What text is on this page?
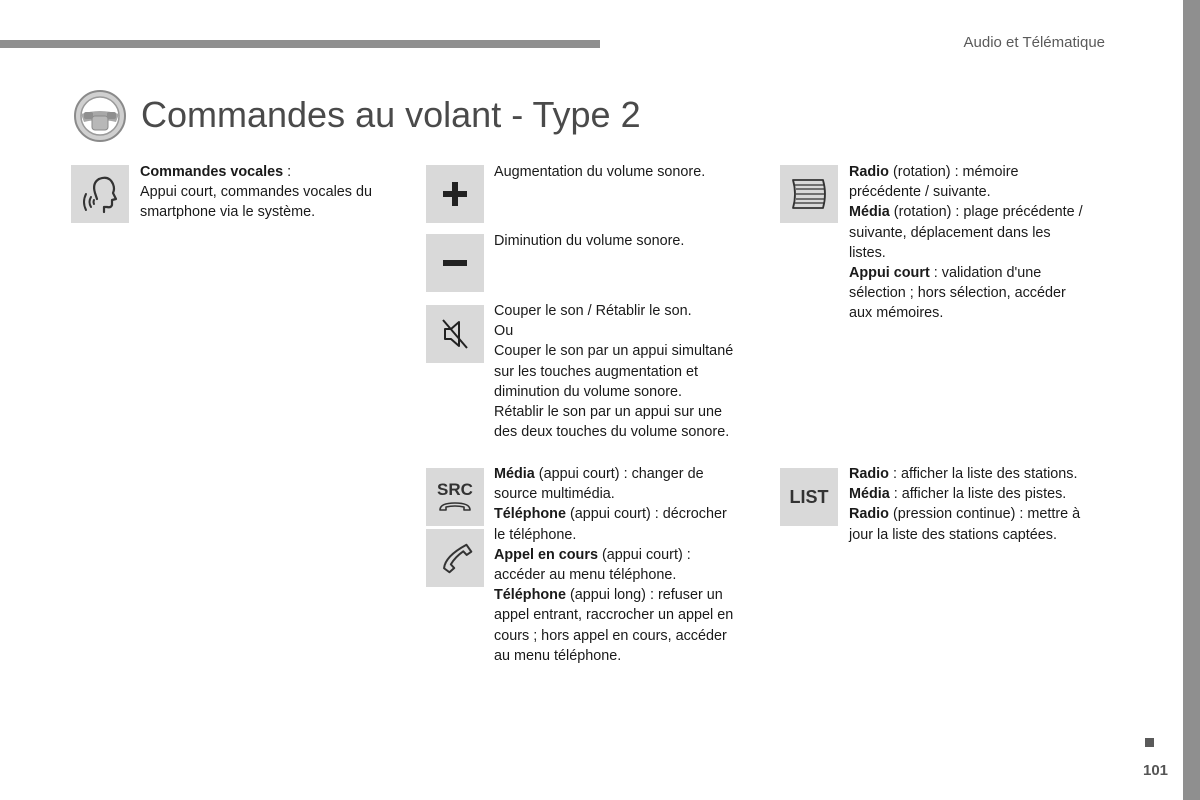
Audio et Télématique
Commandes au volant - Type 2
Commandes vocales :
Appui court, commandes vocales du
smartphone via le système.
Augmentation du volume sonore.
Diminution du volume sonore.
Couper le son / Rétablir le son.
Ou
Couper le son par un appui simultané
sur les touches augmentation et
diminution du volume sonore.
Rétablir le son par un appui sur une
des deux touches du volume sonore.
SRC
Média (appui court) : changer de
source multimédia.
Téléphone (appui court) : décrocher
le téléphone.
Appel en cours (appui court) :
accéder au menu téléphone.
Téléphone (appui long) : refuser un
appel entrant, raccrocher un appel en
cours ; hors appel en cours, accéder
au menu téléphone.
Radio (rotation) : mémoire
précédente / suivante.
Média (rotation) : plage précédente /
suivante, déplacement dans les
listes.
Appui court : validation d'une
sélection ; hors sélection, accéder
aux mémoires.
LIST
Radio : afficher la liste des stations.
Média : afficher la liste des pistes.
Radio (pression continue) : mettre à
jour la liste des stations captées.
101
